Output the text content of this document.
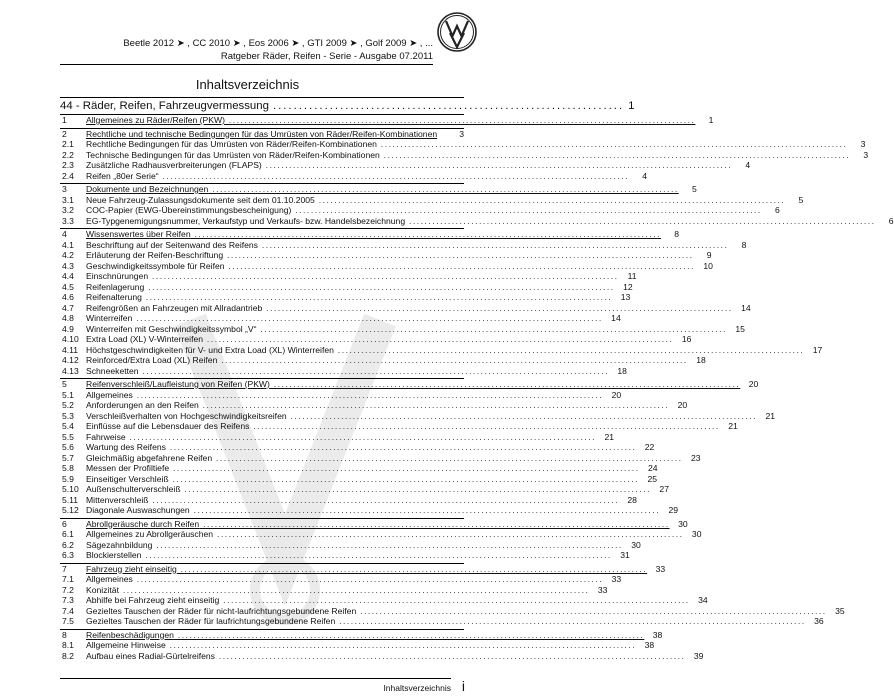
Beetle 2012 ➤ , CC 2010 ➤ , Eos 2006 ➤ , GTI 2009 ➤ , Golf 2009 ➤ , ...
Ratgeber Räder, Reifen - Serie - Ausgabe 07.2011
Inhaltsverzeichnis
44 - Räder, Reifen, Fahrzeugvermessung .................................................................... 1
1	Allgemeines zu Räder/Reifen (PKW) ........................................................................................................................	1
2	Rechtliche und technische Bedingungen für das Umrüsten von Räder/Reifen-Kombinationen	3
2.1	Rechtliche Bedingungen für das Umrüsten von Räder/Reifen-Kombinationen ........................................................................................................................	3
2.2	Technische Bedingungen für das Umrüsten von Räder/Reifen-Kombinationen ........................................................................................................................	3
2.3	Zusätzliche Radhausverbreiterungen (FLAPS) ........................................................................................................................	4
2.4	Reifen „80er Serie“ ........................................................................................................................	4
3	Dokumente und Bezeichnungen ........................................................................................................................	5
3.1	Neue Fahrzeug-Zulassungsdokumente seit dem 01.10.2005 ........................................................................................................................	5
3.2	COC-Papier (EWG-Übereinstimmungsbescheinigung) ........................................................................................................................	6
3.3	EG-Typgenemigungsnummer, Verkaufstyp und Verkaufs- bzw. Handelsbezeichnung ........................................................................................................................	6
4	Wissenswertes über Reifen ........................................................................................................................	8
4.1	Beschriftung auf der Seitenwand des Reifens ........................................................................................................................	8
4.2	Erläuterung der Reifen-Beschriftung ........................................................................................................................	9
4.3	Geschwindigkeitssymbole für Reifen ........................................................................................................................ 10
4.4	Einschnürungen ........................................................................................................................	11
4.5	Reifenlagerung ........................................................................................................................ 12
4.6	Reifenalterung ........................................................................................................................ 13
4.7	Reifengrößen an Fahrzeugen mit Allradantrieb ........................................................................................................................ 14
4.8	Winterreifen ........................................................................................................................ 14
4.9	Winterreifen mit Geschwindigkeitssymbol „V“ ........................................................................................................................ 15
4.10 Extra Load (XL) V-Winterreifen ........................................................................................................................ 16
4.11 Höchstgeschwindigkeiten für V- und Extra Load (XL) Winterreifen ........................................................................................................................ 17
4.12 Reinforced/Extra Load (XL) Reifen ........................................................................................................................ 18
4.13 Schneeketten ........................................................................................................................ 18
5	Reifenverschleiß/Laufleistung von Reifen (PKW) ........................................................................................................................ 20
5.1	Allgemeines ........................................................................................................................ 20
5.2	Anforderungen an den Reifen ........................................................................................................................ 20
5.3	Verschleißverhalten von Hochgeschwindigkeitsreifen ........................................................................................................................ 21
5.4	Einflüsse auf die Lebensdauer des Reifens ........................................................................................................................ 21
5.5	Fahrweise ........................................................................................................................ 21
5.6	Wartung des Reifens ........................................................................................................................ 22
5.7	Gleichmäßig abgefahrene Reifen ........................................................................................................................ 23
5.8	Messen der Profiltiefe ........................................................................................................................ 24
5.9	Einseitiger Verschleiß ........................................................................................................................ 25
5.10 Außenschulterverschleiß ........................................................................................................................ 27
5.11 Mittenverschleiß ........................................................................................................................ 28
5.12 Diagonale Auswaschungen ........................................................................................................................ 29
6	Abrollgeräusche durch Reifen ........................................................................................................................ 30
6.1	Allgemeines zu Abrollgeräuschen ........................................................................................................................ 30
6.2	Sägezahnbildung ........................................................................................................................ 30
6.3	Blockierstellen ........................................................................................................................ 31
7	Fahrzeug zieht einseitig ........................................................................................................................ 33
7.1	Allgemeines ........................................................................................................................ 33
7.2	Konizität ........................................................................................................................ 33
7.3	Abhilfe bei Fahrzeug zieht einseitig ........................................................................................................................ 34
7.4	Gezieltes Tauschen der Räder für nicht-laufrichtungsgebundene Reifen ........................................................................................................................ 35
7.5	Gezieltes Tauschen der Räder für laufrichtungsgebundene Reifen ........................................................................................................................ 36
8	Reifenbeschädigungen ........................................................................................................................ 38
8.1	Allgemeine Hinweise ........................................................................................................................ 38
8.2	Aufbau eines Radial-Gürtelreifens ........................................................................................................................ 39
Inhaltsverzeichnis i
